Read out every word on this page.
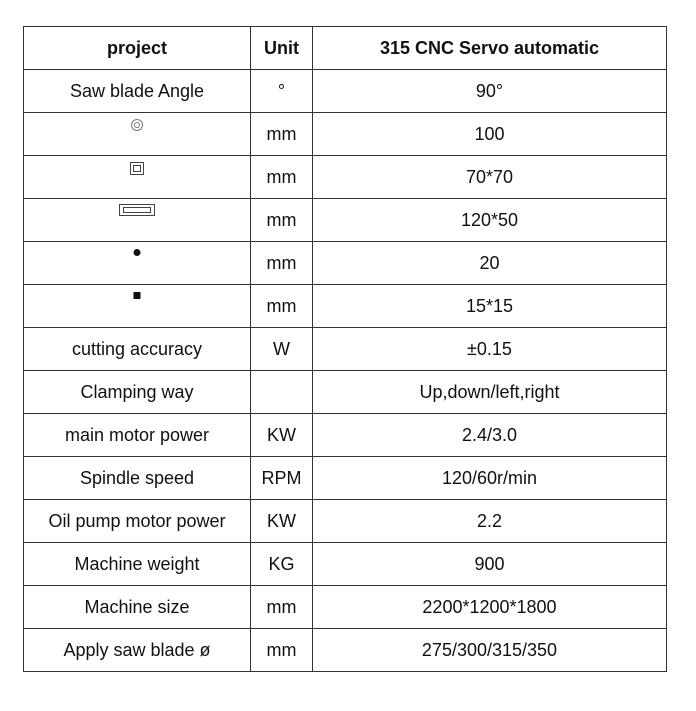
project	Unit	315 CNC Servo automatic
Saw blade Angle	°	90°

	mm	100

	mm	70*70

	mm	120*50

	mm	20

	mm	15*15
cutting accuracy	W	±0.15
Clamping way		Up,down/left,right
main motor power	KW	2.4/3.0
Spindle speed	RPM	120/60r/min
Oil pump motor power	KW	2.2
Machine weight	KG	900
Machine size	mm	2200*1200*1800
Apply saw blade ø	mm	275/300/315/350
